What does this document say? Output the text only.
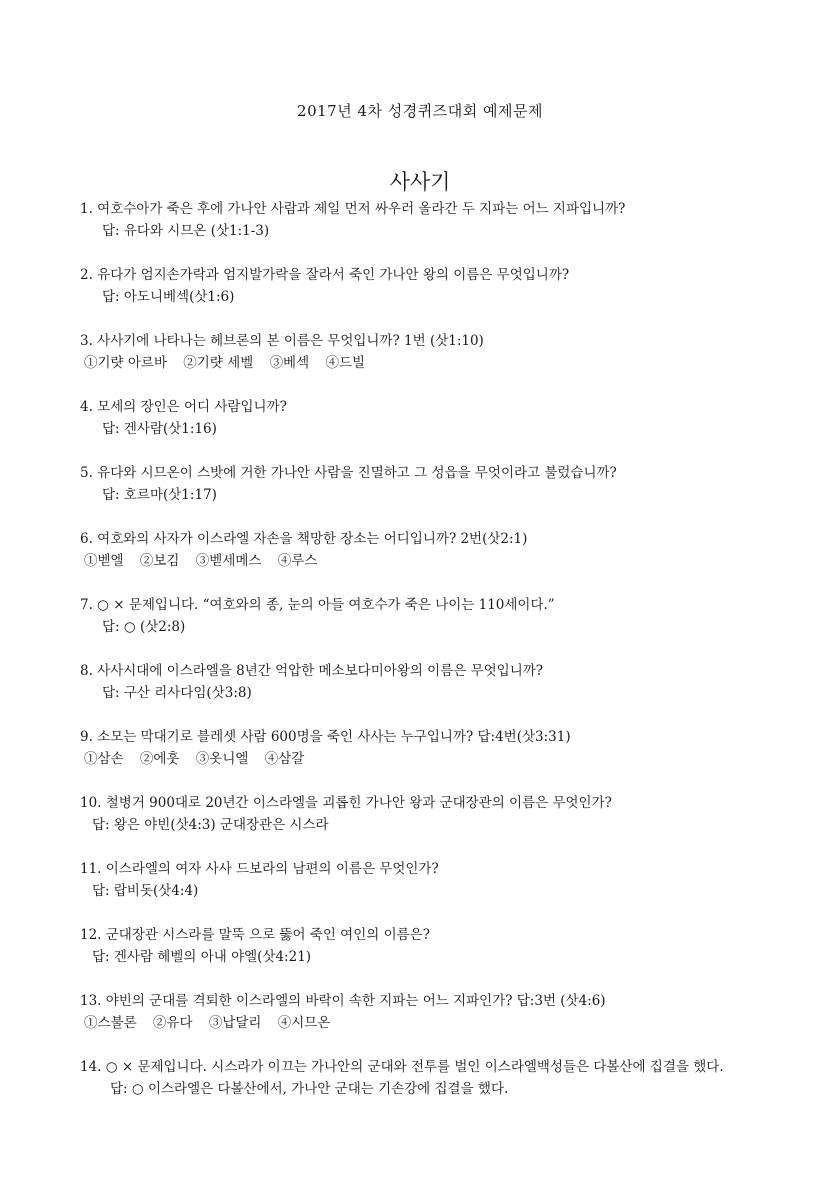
2017년 4차 성경퀴즈대회 예제문제
사사기
1. 여호수아가 죽은 후에 가나안 사람과 제일 먼저 싸우러 올라간 두 지파는 어느 지파입니까?
답: 유다와 시므온 (삿1:1-3)
2. 유다가 엄지손가락과 엄지발가락을 잘라서 죽인 가나안 왕의 이름은 무엇입니까?
답: 아도니베섹(삿1:6)
3. 사사기에 나타나는 헤브론의 본 이름은 무엇입니까? 1번 (삿1:10)
①기럇 아르바 ②기럇 세벨 ③베섹 ④드빌
4. 모세의 장인은 어디 사람입니까?
답: 겐사람(삿1:16)
5. 유다와 시므온이 스밧에 거한 가나안 사람을 진멸하고 그 성읍을 무엇이라고 불렀습니까?
답: 호르마(삿1:17)
6. 여호와의 사자가 이스라엘 자손을 책망한 장소는 어디입니까? 2번(삿2:1)
①벧엘 ②보김 ③벧세메스 ④루스
7. ○ × 문제입니다. “여호와의 종, 눈의 아들 여호수가 죽은 나이는 110세이다.”
답: ○ (삿2:8)
8. 사사시대에 이스라엘을 8년간 억압한 메소보다미아왕의 이름은 무엇입니까?
답: 구산 리사다임(삿3:8)
9. 소모는 막대기로 블레셋 사람 600명을 죽인 사사는 누구입니까? 답:4번(삿3:31)
①삼손 ②에훗 ③옷니엘 ④삼갈
10. 철병거 900대로 20년간 이스라엘을 괴롭힌 가나안 왕과 군대장관의 이름은 무엇인가?
답: 왕은 야빈(삿4:3) 군대장관은 시스라
11. 이스라엘의 여자 사사 드보라의 남편의 이름은 무엇인가?
답: 랍비돗(삿4:4)
12. 군대장관 시스라를 말뚝 으로 뚫어 죽인 여인의 이름은?
답: 겐사람 헤벨의 아내 야엘(삿4:21)
13. 야빈의 군대를 격퇴한 이스라엘의 바락이 속한 지파는 어느 지파인가? 답:3번 (삿4:6)
①스불론 ②유다 ③납달리 ④시므온
14. ○ × 문제입니다. 시스라가 이끄는 가나안의 군대와 전투를 벌인 이스라엘백성들은 다볼산에 집결을 했다.
답: ○ 이스라엘은 다볼산에서, 가나안 군대는 기손강에 집결을 했다.
